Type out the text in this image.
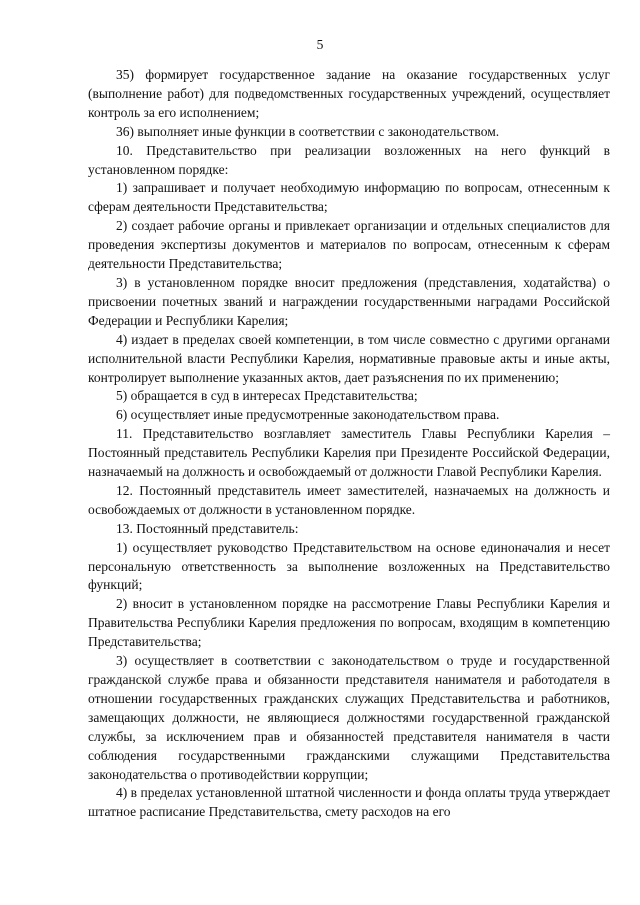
5

35) формирует государственное задание на оказание государственных услуг (выполнение работ) для подведомственных государственных учреждений, осуществляет контроль за его исполнением;

36) выполняет иные функции в соответствии с законодательством.

10. Представительство при реализации возложенных на него функций в установленном порядке:

1) запрашивает и получает необходимую информацию по вопросам, отнесенным к сферам деятельности Представительства;

2) создает рабочие органы и привлекает организации и отдельных специалистов для проведения экспертизы документов и материалов по вопросам, отнесенным к сферам деятельности Представительства;

3) в установленном порядке вносит предложения (представления, ходатайства) о присвоении почетных званий и награждении государственными наградами Российской Федерации и Республики Карелия;

4) издает в пределах своей компетенции, в том числе совместно с другими органами исполнительной власти Республики Карелия, нормативные правовые акты и иные акты, контролирует выполнение указанных актов, дает разъяснения по их применению;

5) обращается в суд в интересах Представительства;

6) осуществляет иные предусмотренные законодательством права.

11. Представительство возглавляет заместитель Главы Республики Карелия – Постоянный представитель Республики Карелия при Президенте Российской Федерации, назначаемый на должность и освобождаемый от должности Главой Республики Карелия.

12. Постоянный представитель имеет заместителей, назначаемых на должность и освобождаемых от должности в установленном порядке.

13. Постоянный представитель:

1) осуществляет руководство Представительством на основе единоначалия и несет персональную ответственность за выполнение возложенных на Представительство функций;

2) вносит в установленном порядке на рассмотрение Главы Республики Карелия и Правительства Республики Карелия предложения по вопросам, входящим в компетенцию Представительства;

3) осуществляет в соответствии с законодательством о труде и государственной гражданской службе права и обязанности представителя нанимателя и работодателя в отношении государственных гражданских служащих Представительства и работников, замещающих должности, не являющиеся должностями государственной гражданской службы, за исключением прав и обязанностей представителя нанимателя в части соблюдения государственными гражданскими служащими Представительства законодательства о противодействии коррупции;

4) в пределах установленной штатной численности и фонда оплаты труда утверждает штатное расписание Представительства, смету расходов на его
